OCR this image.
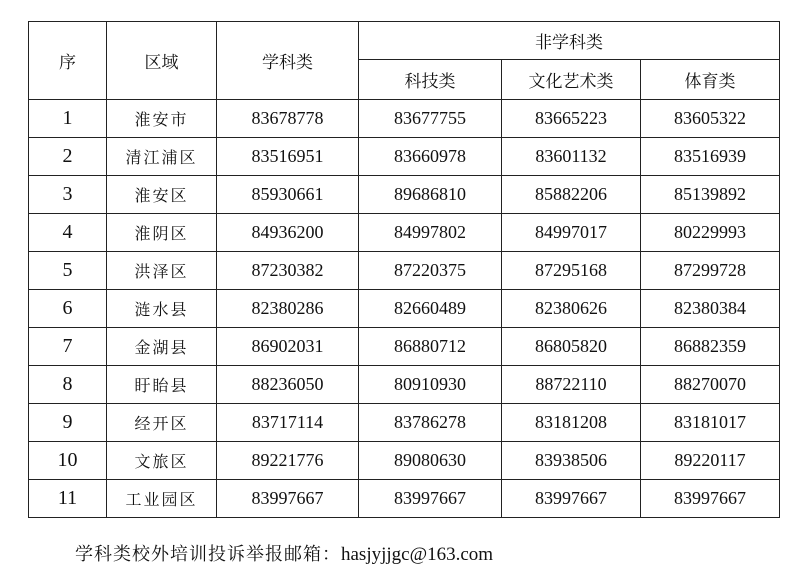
序	区域	学科类	非学科类		
			科技类	文化艺术类	体育类
1	淮安市	83678778	83677755	83665223	83605322
2	清江浦区	83516951	83660978	83601132	83516939
3	淮安区	85930661	89686810	85882206	85139892
4	淮阴区	84936200	84997802	84997017	80229993
5	洪泽区	87230382	87220375	87295168	87299728
6	涟水县	82380286	82660489	82380626	82380384
7	金湖县	86902031	86880712	86805820	86882359
8	盱眙县	88236050	80910930	88722110	88270070
9	经开区	83717114	83786278	83181208	83181017
10	文旅区	89221776	89080630	83938506	89220117
11	工业园区	83997667	83997667	83997667	83997667
学科类校外培训投诉举报邮箱：hasjyjjgc@163.com
